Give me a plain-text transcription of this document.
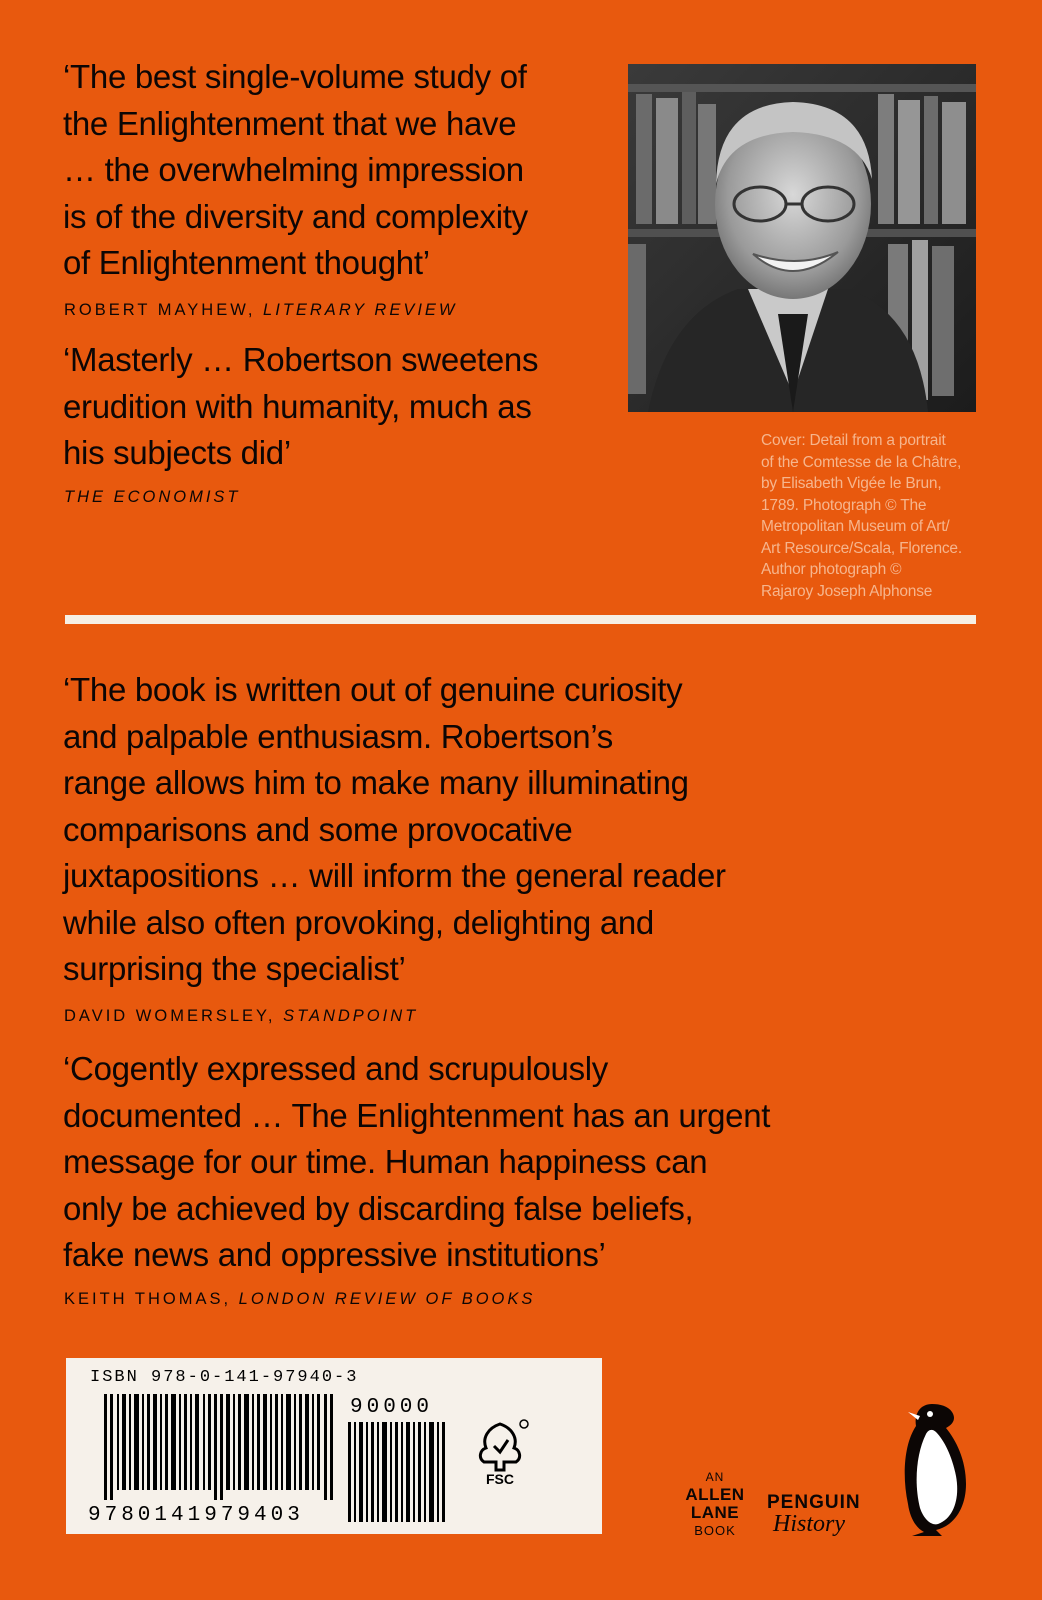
‘The best single-volume study of
the Enlightenment that we have
… the overwhelming impression
is of the diversity and complexity
of Enlightenment thought’
ROBERT MAYHEW, LITERARY REVIEW
‘Masterly … Robertson sweetens
erudition with humanity, much as
his subjects did’
THE ECONOMIST
Cover: Detail from a portrait
of the Comtesse de la Châtre,
by Elisabeth Vigée le Brun,
1789. Photograph © The
Metropolitan Museum of Art/
Art Resource/Scala, Florence.
Author photograph ©
Rajaroy Joseph Alphonse
‘The book is written out of genuine curiosity
and palpable enthusiasm. Robertson’s
range allows him to make many illuminating
comparisons and some provocative
juxtapositions … will inform the general reader
while also often provoking, delighting and
surprising the specialist’
DAVID WOMERSLEY, STANDPOINT
‘Cogently expressed and scrupulously
documented … The Enlightenment has an urgent
message for our time. Human happiness can
only be achieved by discarding false beliefs,
fake news and oppressive institutions’
KEITH THOMAS, LONDON REVIEW OF BOOKS
ISBN 978-0-141-97940-3
9780141979403
90000
FSC	AN
ALLEN
LANE
BOOK
PENGUIN
History
